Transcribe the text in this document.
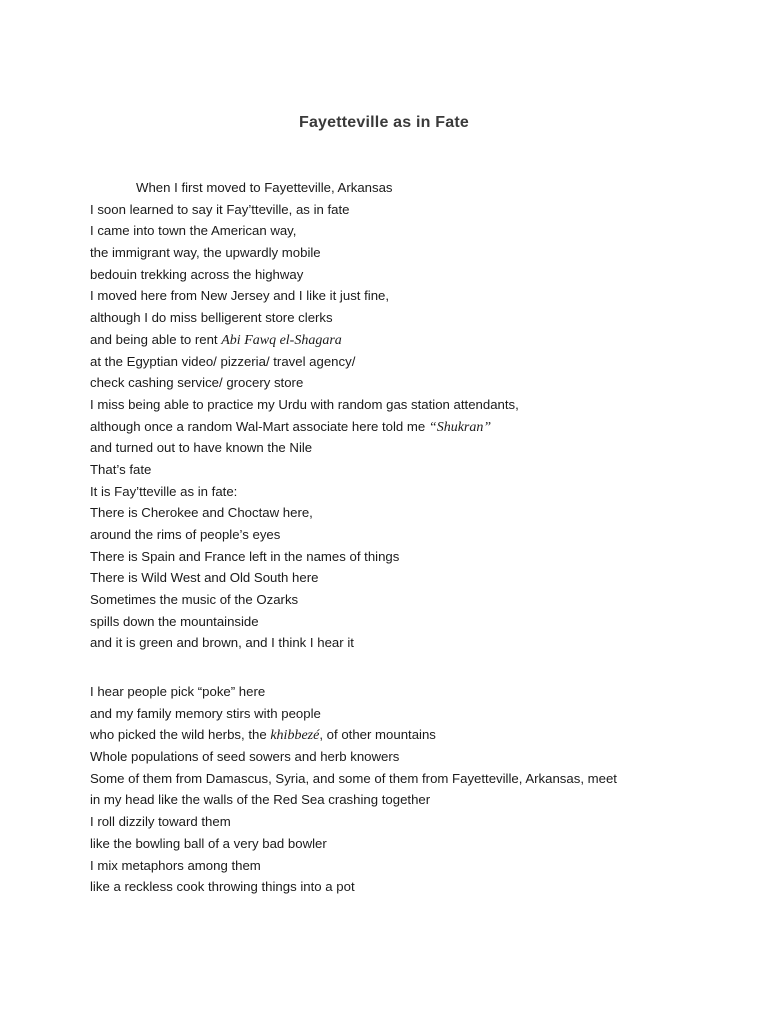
Fayetteville as in Fate
When I first moved to Fayetteville, Arkansas
I soon learned to say it Fay’tteville, as in fate
I came into town the American way,
the immigrant way, the upwardly mobile
bedouin trekking across the highway
I moved here from New Jersey and I like it just fine,
although I do miss belligerent store clerks
and being able to rent Abi Fawq el-Shagara
at the Egyptian video/ pizzeria/ travel agency/
check cashing service/ grocery store
I miss being able to practice my Urdu with random gas station attendants,
although once a random Wal-Mart associate here told me “Shukran”
and turned out to have known the Nile
That’s fate
It is Fay’tteville as in fate:
There is Cherokee and Choctaw here,
around the rims of people’s eyes
There is Spain and France left in the names of things
There is Wild West and Old South here
Sometimes the music of the Ozarks
spills down the mountainside
and it is green and brown, and I think I hear it
I hear people pick “poke” here
and my family memory stirs with people
who picked the wild herbs, the khibbezé, of other mountains
Whole populations of seed sowers and herb knowers
Some of them from Damascus, Syria, and some of them from Fayetteville, Arkansas, meet
in my head like the walls of the Red Sea crashing together
I roll dizzily toward them
like the bowling ball of a very bad bowler
I mix metaphors among them
like a reckless cook throwing things into a pot
